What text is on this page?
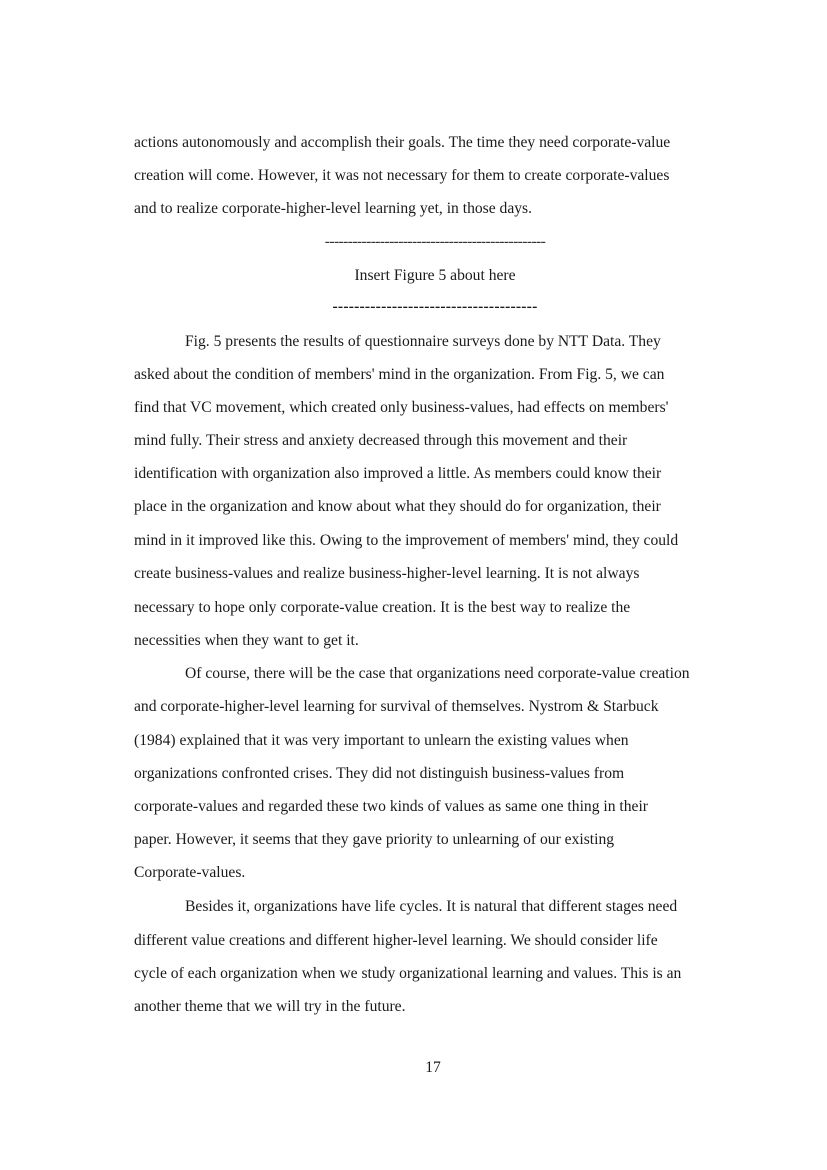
actions autonomously and accomplish their goals. The time they need corporate-value
creation will come. However, it was not necessary for them to create corporate-values
and to realize corporate-higher-level learning yet, in those days.
------------------------------------------------
Insert Figure 5 about here
--------------------------------------
Fig. 5 presents the results of questionnaire surveys done by NTT Data. They
asked about the condition of members' mind in the organization. From Fig. 5, we can
find that VC movement, which created only business-values, had effects on members'
mind fully. Their stress and anxiety decreased through this movement and their
identification with organization also improved a little. As members could know their
place in the organization and know about what they should do for organization, their
mind in it improved like this. Owing to the improvement of members' mind, they could
create business-values and realize business-higher-level learning. It is not always
necessary to hope only corporate-value creation. It is the best way to realize the
necessities when they want to get it.
Of course, there will be the case that organizations need corporate-value creation
and corporate-higher-level learning for survival of themselves. Nystrom & Starbuck
(1984) explained that it was very important to unlearn the existing values when
organizations confronted crises. They did not distinguish business-values from
corporate-values and regarded these two kinds of values as same one thing in their
paper. However, it seems that they gave priority to unlearning of our existing
Corporate-values.
Besides it, organizations have life cycles. It is natural that different stages need
different value creations and different higher-level learning. We should consider life
cycle of each organization when we study organizational learning and values. This is an
another theme that we will try in the future.
17
